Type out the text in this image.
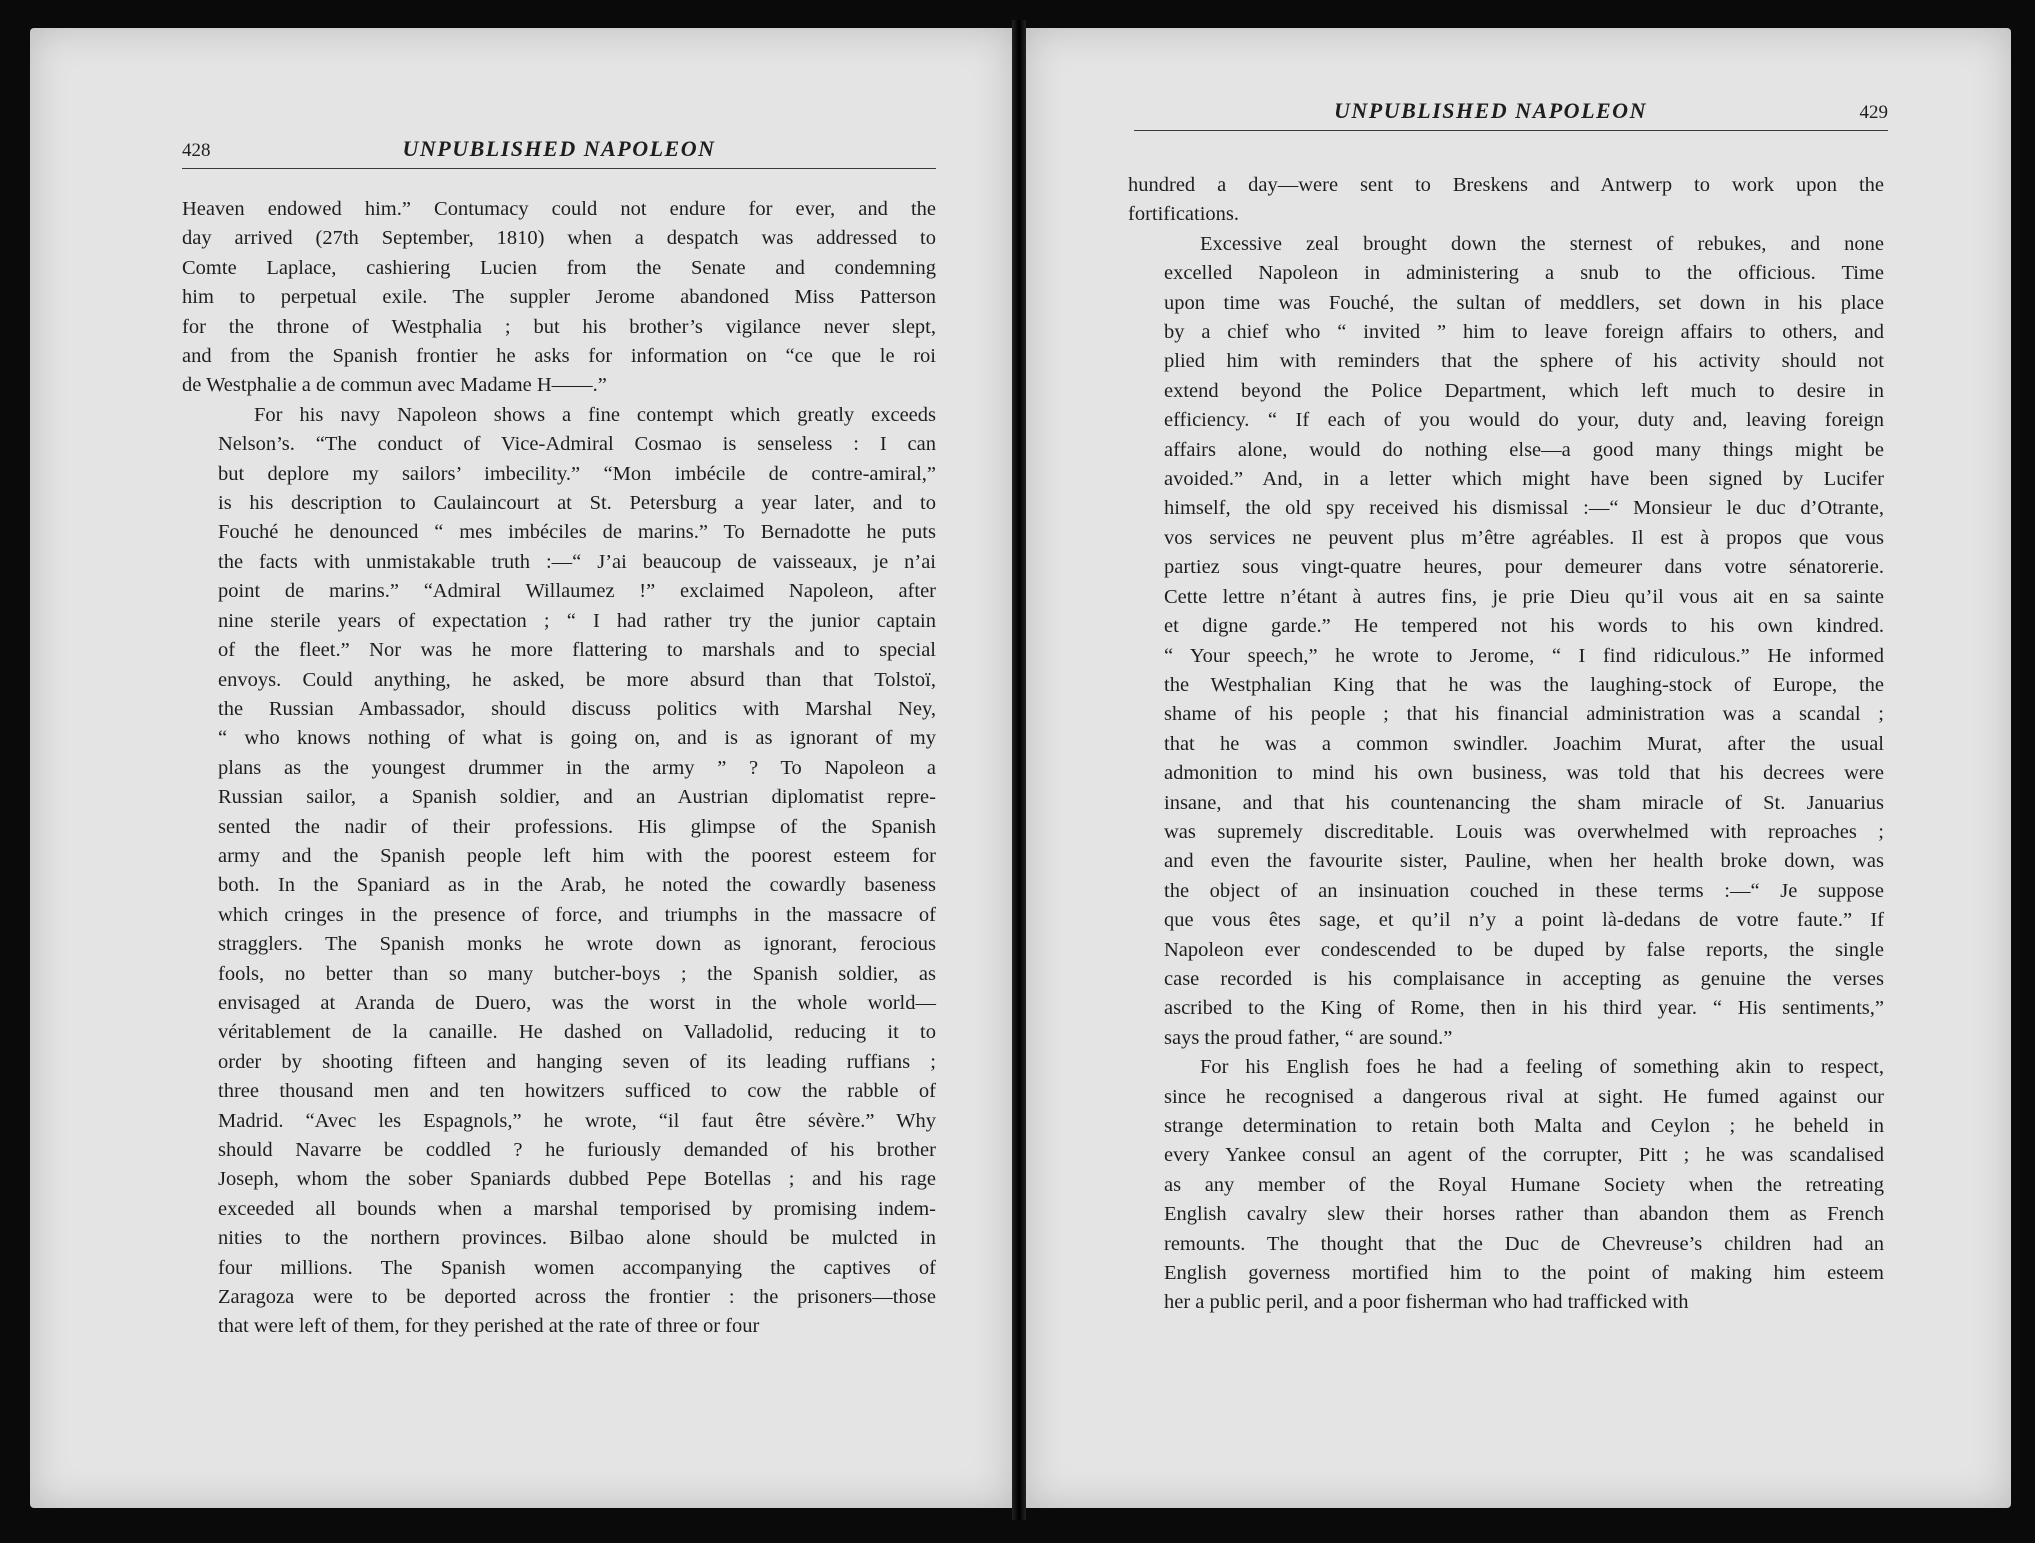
428	UNPUBLISHED NAPOLEON

Heaven endowed him.” Contumacy could not endure for ever, and the
day arrived (27th September, 1810) when a despatch was addressed to
Comte Laplace, cashiering Lucien from the Senate and condemning
him to perpetual exile. The suppler Jerome abandoned Miss Patterson
for the throne of Westphalia ; but his brother’s vigilance never slept,
and from the Spanish frontier he asks for information on “ce que le roi
de Westphalie a de commun avec Madame H——.”

For his navy Napoleon shows a fine contempt which greatly exceeds
Nelson’s. “The conduct of Vice-Admiral Cosmao is senseless : I can
but deplore my sailors’ imbecility.” “Mon imbécile de contre-amiral,”
is his description to Caulaincourt at St. Petersburg a year later, and to
Fouché he denounced “ mes imbéciles de marins.” To Bernadotte he puts
the facts with unmistakable truth :—“ J’ai beaucoup de vaisseaux, je n’ai
point de marins.” “Admiral Willaumez !” exclaimed Napoleon, after
nine sterile years of expectation ; “ I had rather try the junior captain
of the fleet.” Nor was he more flattering to marshals and to special
envoys. Could anything, he asked, be more absurd than that Tolstoï,
the Russian Ambassador, should discuss politics with Marshal Ney,
“ who knows nothing of what is going on, and is as ignorant of my
plans as the youngest drummer in the army ” ? To Napoleon a
Russian sailor, a Spanish soldier, and an Austrian diplomatist repre-
sented the nadir of their professions. His glimpse of the Spanish
army and the Spanish people left him with the poorest esteem for
both. In the Spaniard as in the Arab, he noted the cowardly baseness
which cringes in the presence of force, and triumphs in the massacre of
stragglers. The Spanish monks he wrote down as ignorant, ferocious
fools, no better than so many butcher-boys ; the Spanish soldier, as
envisaged at Aranda de Duero, was the worst in the whole world—
véritablement de la canaille. He dashed on Valladolid, reducing it to
order by shooting fifteen and hanging seven of its leading ruffians ;
three thousand men and ten howitzers sufficed to cow the rabble of
Madrid. “Avec les Espagnols,” he wrote, “il faut être sévère.” Why
should Navarre be coddled ? he furiously demanded of his brother
Joseph, whom the sober Spaniards dubbed Pepe Botellas ; and his rage
exceeded all bounds when a marshal temporised by promising indem-
nities to the northern provinces. Bilbao alone should be mulcted in
four millions. The Spanish women accompanying the captives of
Zaragoza were to be deported across the frontier : the prisoners—those
that were left of them, for they perished at the rate of three or four

UNPUBLISHED NAPOLEON	429

hundred a day—were sent to Breskens and Antwerp to work upon the
fortifications.

Excessive zeal brought down the sternest of rebukes, and none
excelled Napoleon in administering a snub to the officious. Time
upon time was Fouché, the sultan of meddlers, set down in his place
by a chief who “ invited ” him to leave foreign affairs to others, and
plied him with reminders that the sphere of his activity should not
extend beyond the Police Department, which left much to desire in
efficiency. “ If each of you would do your, duty and, leaving foreign
affairs alone, would do nothing else—a good many things might be
avoided.” And, in a letter which might have been signed by Lucifer
himself, the old spy received his dismissal :—“ Monsieur le duc d’Otrante,
vos services ne peuvent plus m’être agréables. Il est à propos que vous
partiez sous vingt-quatre heures, pour demeurer dans votre sénatorerie.
Cette lettre n’étant à autres fins, je prie Dieu qu’il vous ait en sa sainte
et digne garde.” He tempered not his words to his own kindred.
“ Your speech,” he wrote to Jerome, “ I find ridiculous.” He informed
the Westphalian King that he was the laughing-stock of Europe, the
shame of his people ; that his financial administration was a scandal ;
that he was a common swindler. Joachim Murat, after the usual
admonition to mind his own business, was told that his decrees were
insane, and that his countenancing the sham miracle of St. Januarius
was supremely discreditable. Louis was overwhelmed with reproaches ;
and even the favourite sister, Pauline, when her health broke down, was
the object of an insinuation couched in these terms :—“ Je suppose
que vous êtes sage, et qu’il n’y a point là-dedans de votre faute.” If
Napoleon ever condescended to be duped by false reports, the single
case recorded is his complaisance in accepting as genuine the verses
ascribed to the King of Rome, then in his third year. “ His sentiments,”
says the proud father, “ are sound.”

For his English foes he had a feeling of something akin to respect,
since he recognised a dangerous rival at sight. He fumed against our
strange determination to retain both Malta and Ceylon ; he beheld in
every Yankee consul an agent of the corrupter, Pitt ; he was scandalised
as any member of the Royal Humane Society when the retreating
English cavalry slew their horses rather than abandon them as French
remounts. The thought that the Duc de Chevreuse’s children had an
English governess mortified him to the point of making him esteem
her a public peril, and a poor fisherman who had trafficked with
